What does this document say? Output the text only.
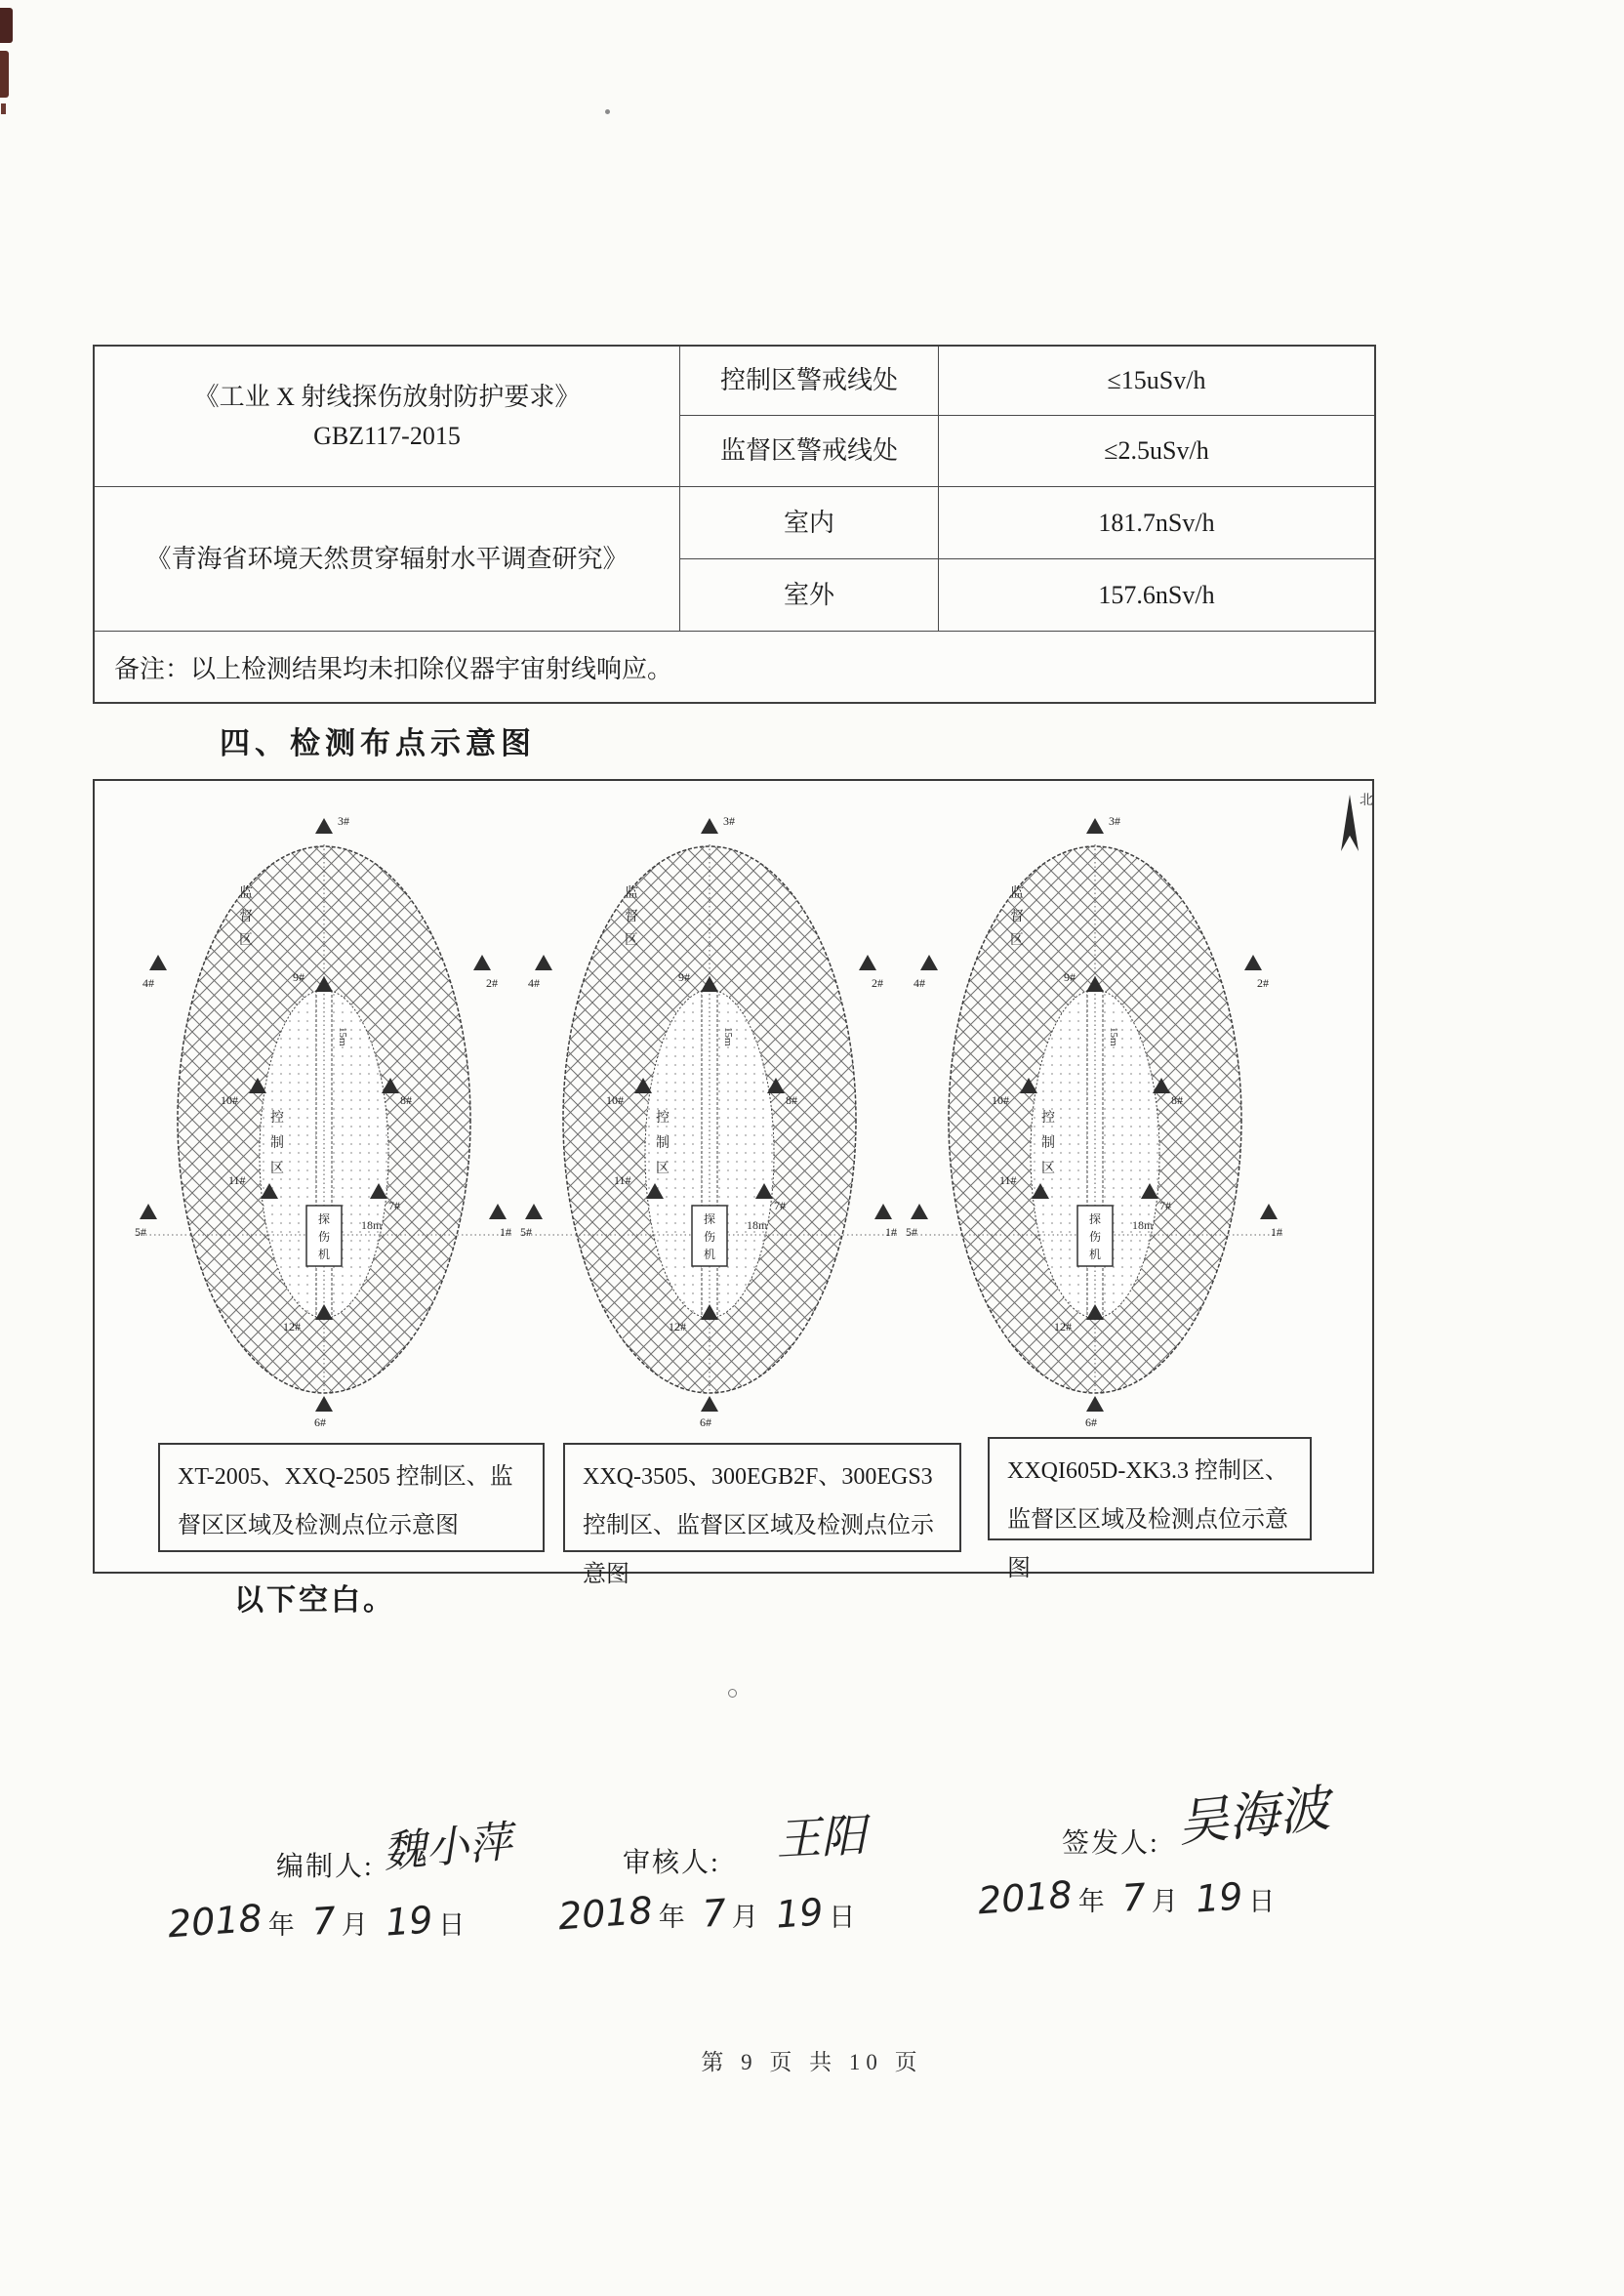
《工业 X 射线探伤放射防护要求》
GBZ117-2015
控制区警戒线处	≤15uSv/h
监督区警戒线处	≤2.5uSv/h
《青海省环境天然贯穿辐射水平调查研究》
室内	181.7nSv/h
室外	157.6nSv/h
备注： 以上检测结果均未扣除仪器宇宙射线响应。
四、检测布点示意图
探
伤
机
18m
15m
监
督
区
控
制
区
3#
4#	2#
5#	1#
6#
9#
10#	8#
11#
7#
12#
探
伤
机
18m
15m
监
督
区
控
制
区
3#
4#	2#
5#	1#
6#
9#
10#	8#
11#
7#
12#
探
伤
机
18m
15m
监
督
区
控
制
区
3#
4#	2#
5#	1#
6#
9#
10#	8#
11#
7#
12#
北
XT-2005、XXQ-2505 控制区、监督区区域及检测点位示意图
XXQ-3505、300EGB2F、300EGS3 控制区、监督区区域及检测点位示意图
XXQI605D-XK3.3 控制区、监督区区域及检测点位示意图
以下空白。
编制人: 魏小萍
2018 年 7 月 19 日
审核人: 王阳
2018 年 7 月 19 日
签发人: 吴海波
2018 年 7 月 19 日
第 9 页 共 10 页
